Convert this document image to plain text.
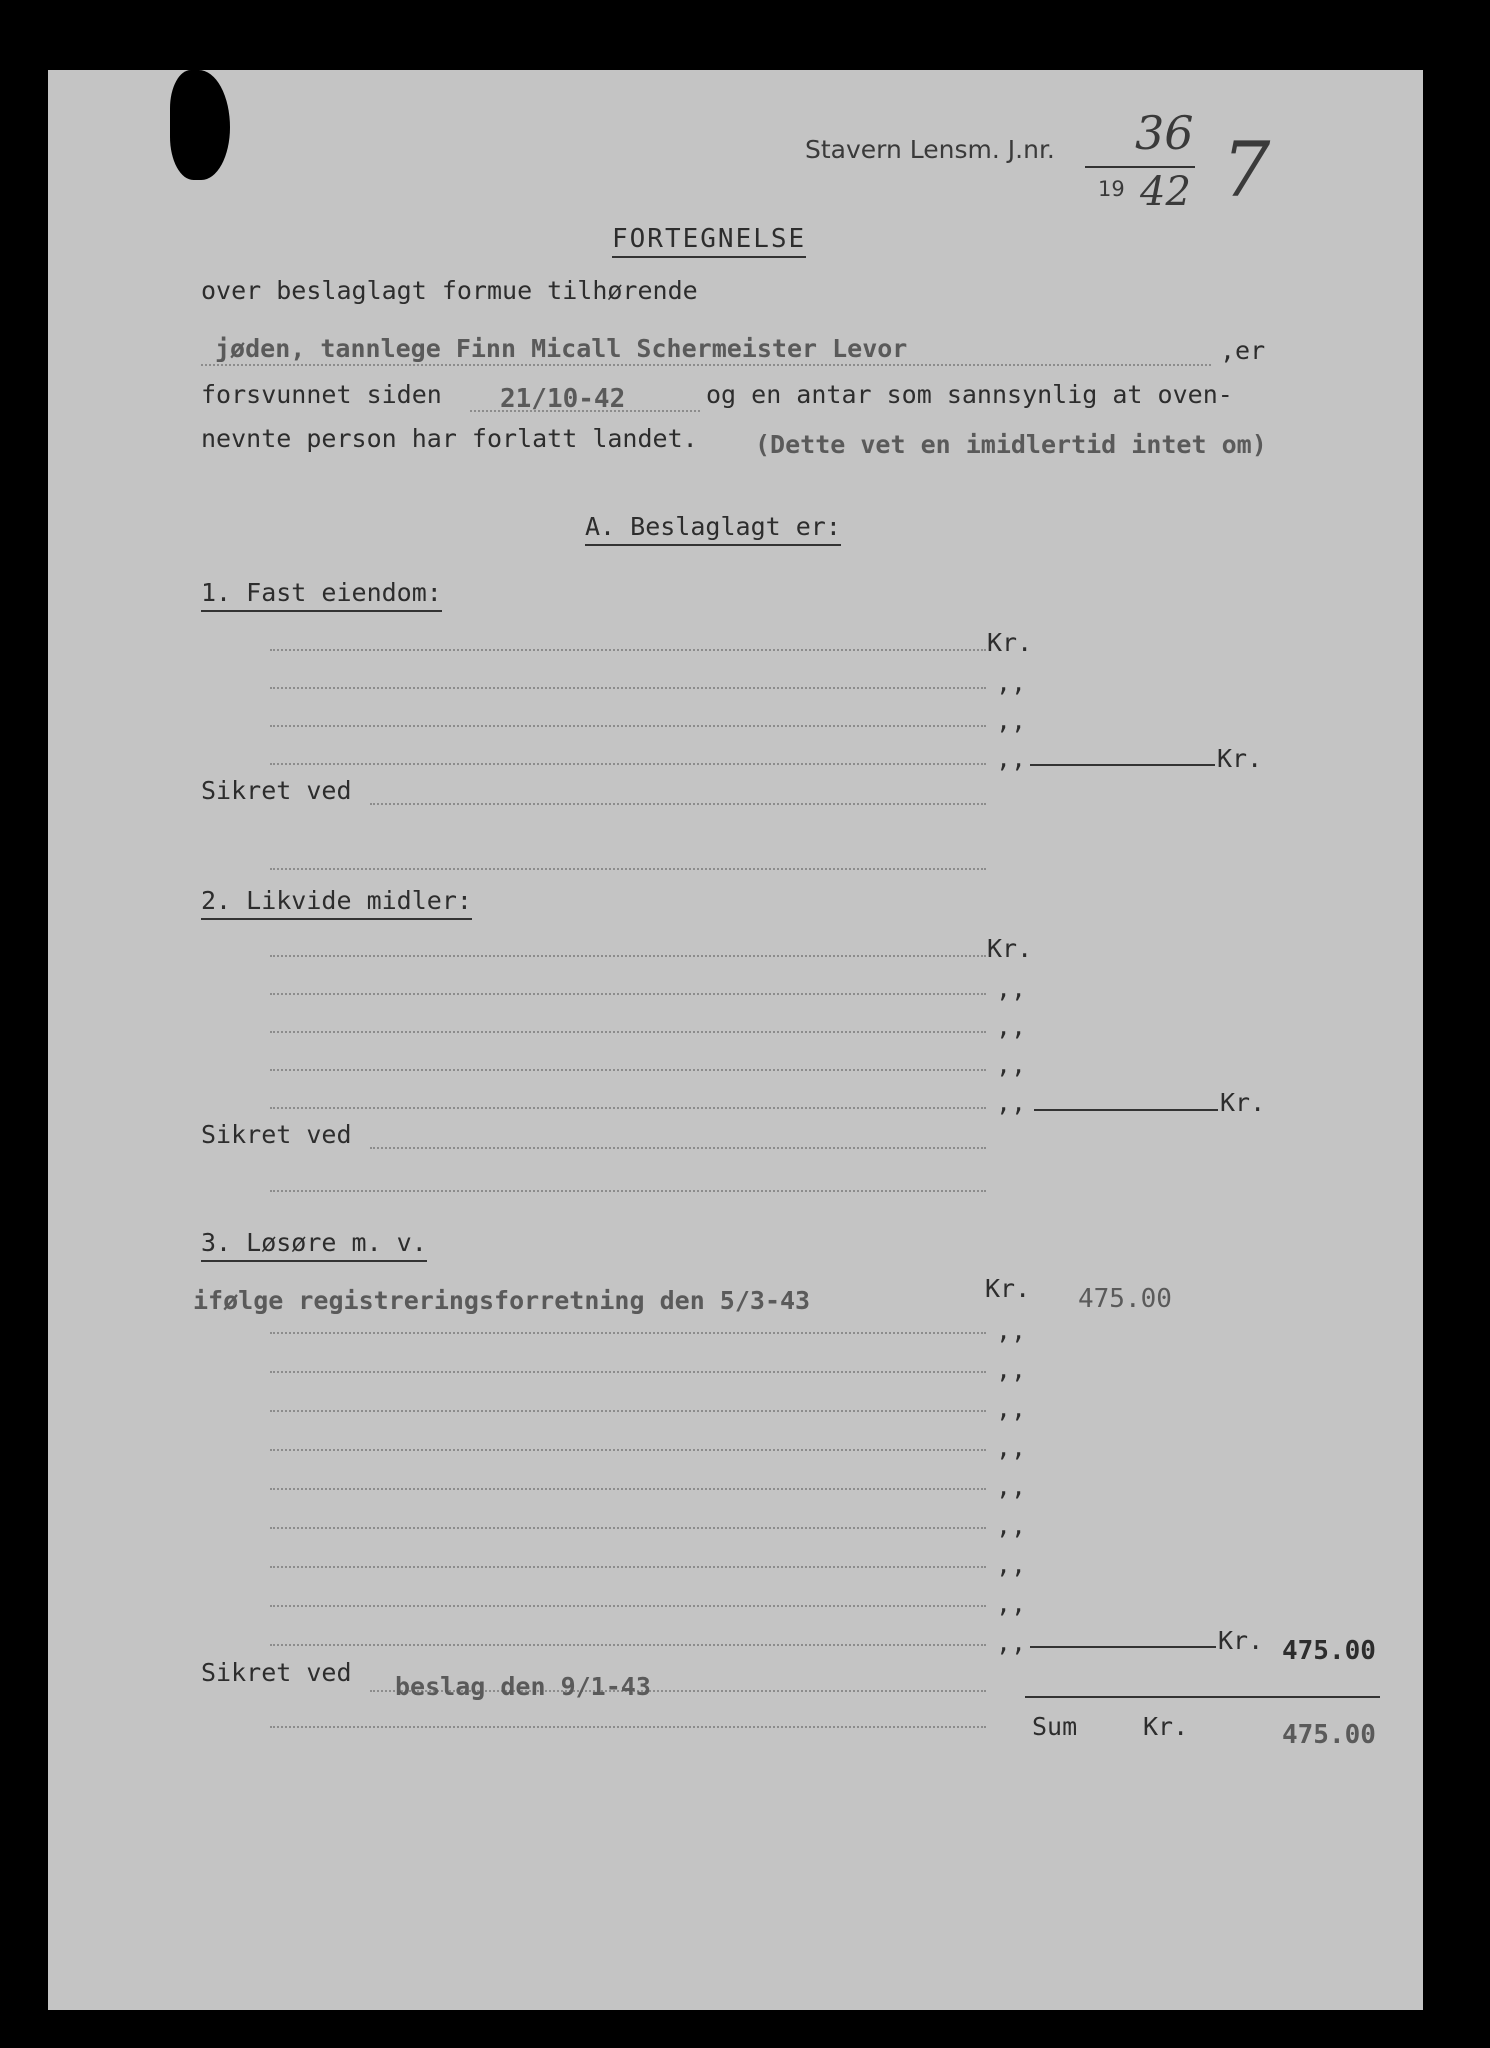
Stavern Lensm. J.nr. 36
19 42 7
FORTEGNELSE
over beslaglagt formue tilhørende
jøden, tannlege Finn Micall Schermeister Levor	,er
forsvunnet siden 21/10-42	og en antar som sannsynlig at oven-
nevnte person har forlatt landet. (Dette vet en imidlertid intet om)
A. Beslaglagt er:
1. Fast eiendom:
Kr.
,,
,,
,,	Kr.
Sikret ved
2. Likvide midler:
Kr.
,,
,,
,,
,,	Kr.
Sikret ved
3. Løsøre m. v.
ifølge registreringsforretning den 5/3-43	Kr. 475.00
,,
,,
,,
,,
,,
,,
,,
,,
,,	Kr. 475.00
Sikret ved beslag den 9/1-43
Sum	Kr.	475.00
